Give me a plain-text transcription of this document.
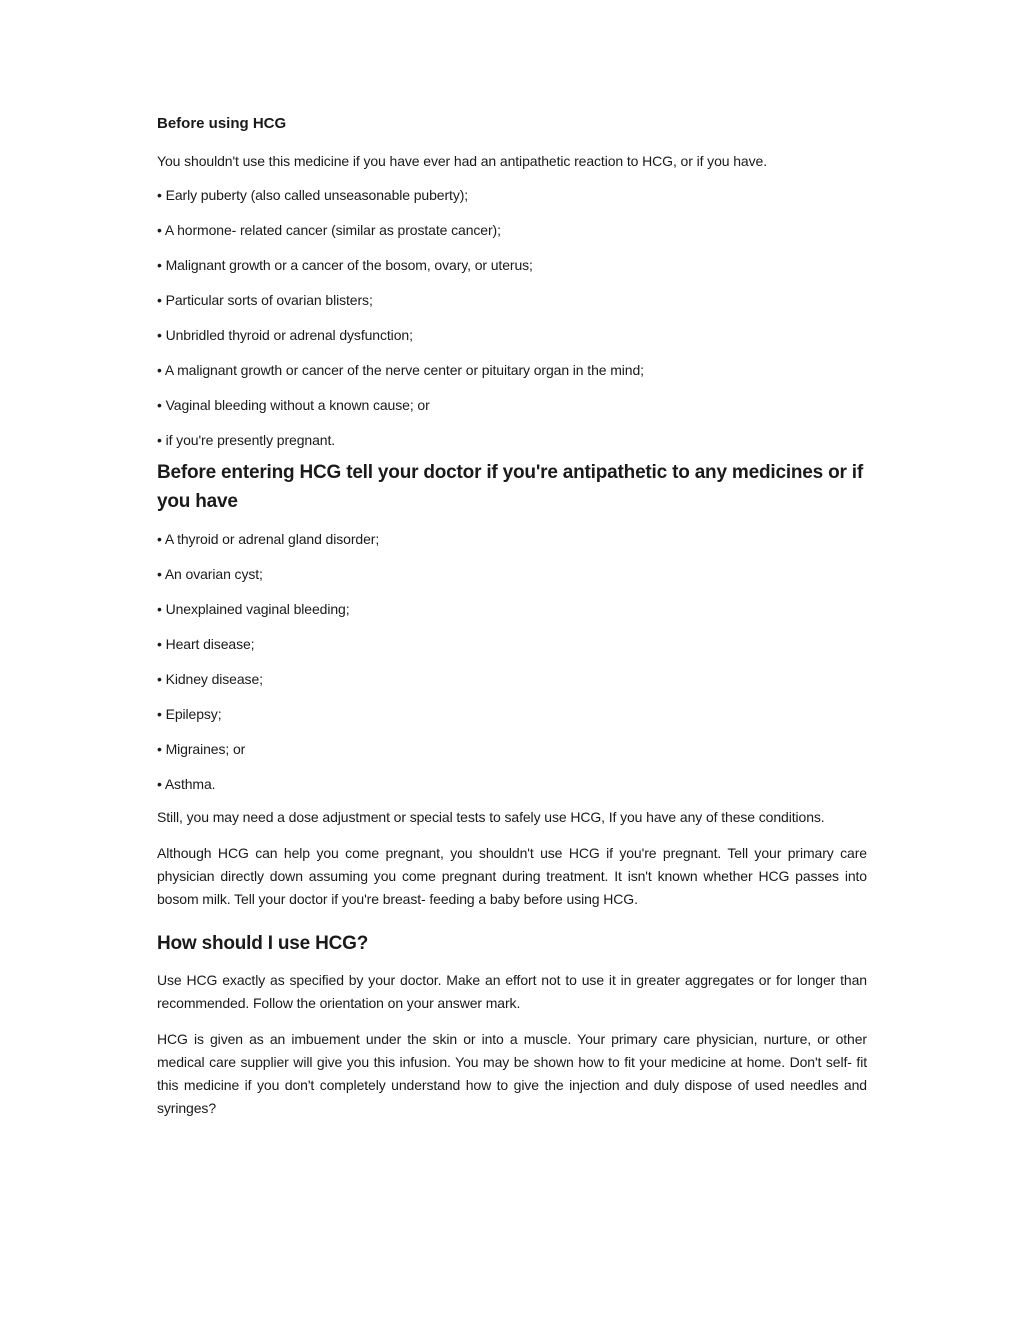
Before using HCG

You shouldn't use this medicine if you have ever had an antipathetic reaction to HCG, or if you have.

• Early puberty (also called unseasonable puberty);
• A hormone- related cancer (similar as prostate cancer);
• Malignant growth or a cancer of the bosom, ovary, or uterus;
• Particular sorts of ovarian blisters;
• Unbridled thyroid or adrenal dysfunction;
• A malignant growth or cancer of the nerve center or pituitary organ in the mind;
• Vaginal bleeding without a known cause; or
• if you're presently pregnant.
Before entering HCG tell your doctor if you're antipathetic to any medicines or if you have
• A thyroid or adrenal gland disorder;
• An ovarian cyst;
• Unexplained vaginal bleeding;
• Heart disease;
• Kidney disease;
• Epilepsy;
• Migraines; or
• Asthma.

Still, you may need a dose adjustment or special tests to safely use HCG, If you have any of these conditions.

Although HCG can help you come pregnant, you shouldn't use HCG if you're pregnant. Tell your primary care physician directly down assuming you come pregnant during treatment. It isn't known whether HCG passes into bosom milk. Tell your doctor if you're breast- feeding a baby before using HCG.

How should I use HCG?

Use HCG exactly as specified by your doctor. Make an effort not to use it in greater aggregates or for longer than recommended. Follow the orientation on your answer mark.

HCG is given as an imbuement under the skin or into a muscle. Your primary care physician, nurture, or other medical care supplier will give you this infusion. You may be shown how to fit your medicine at home. Don't self- fit this medicine if you don't completely understand how to give the injection and duly dispose of used needles and syringes?
